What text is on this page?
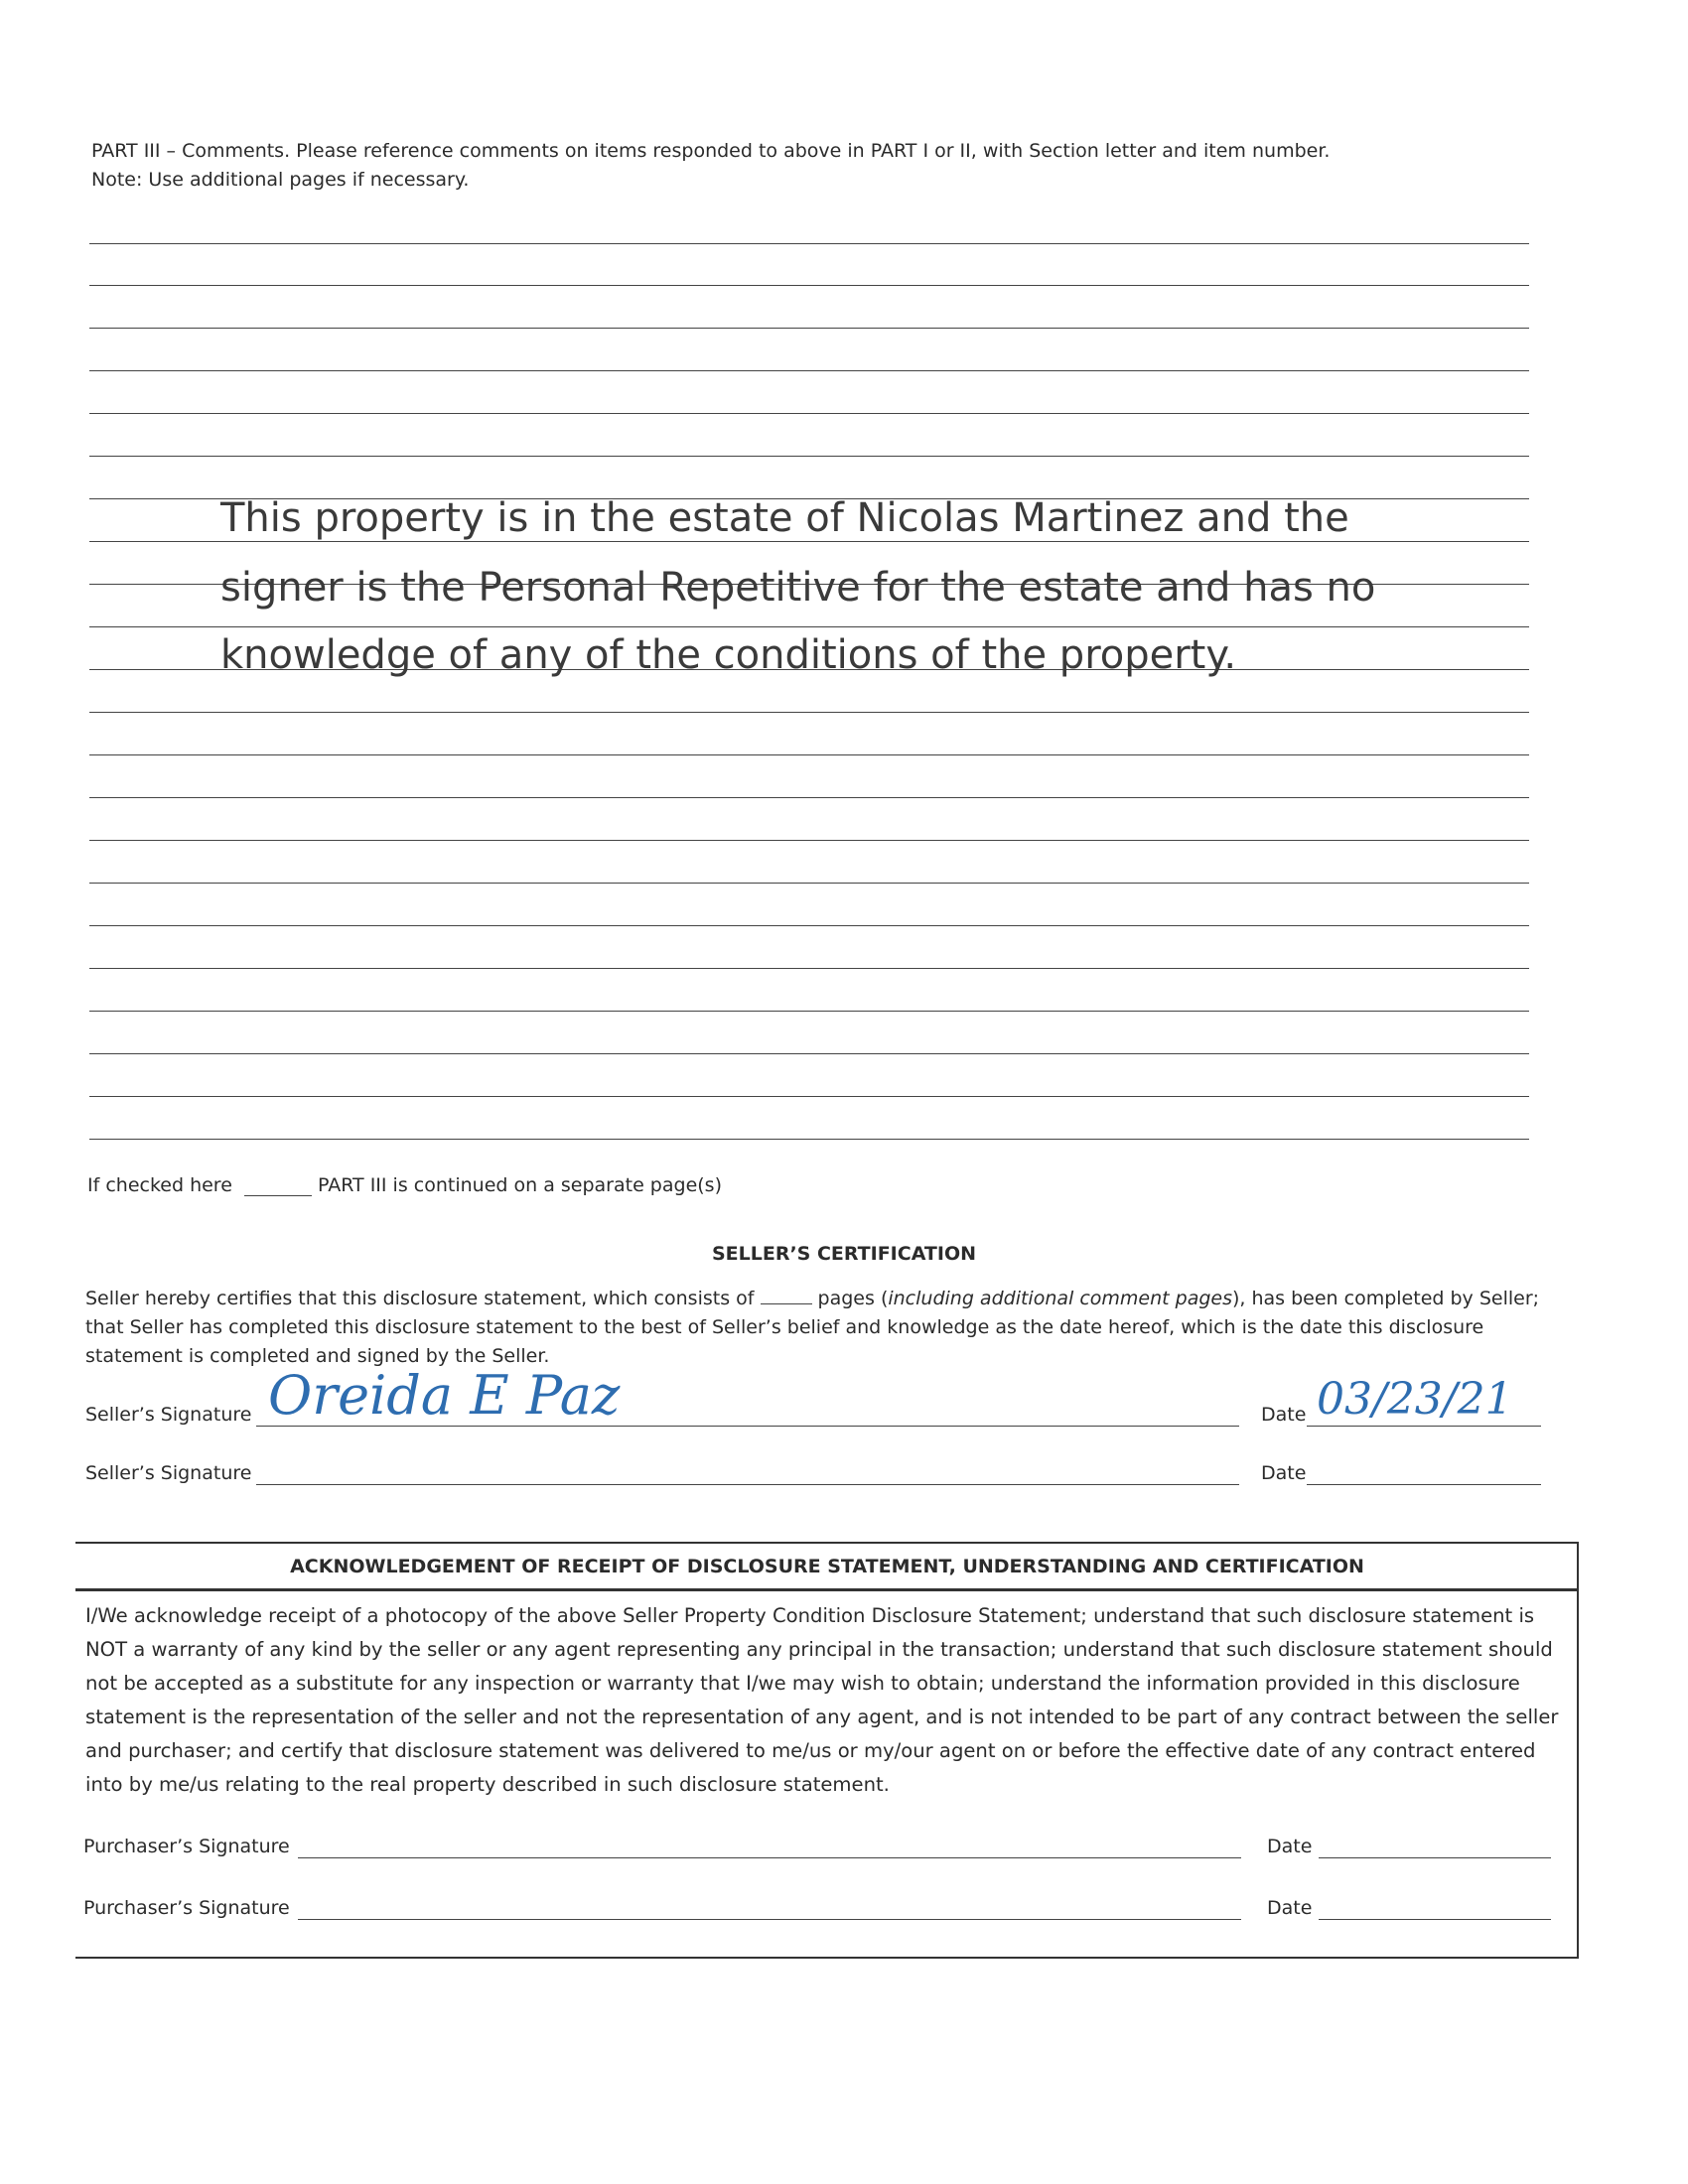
PART III – Comments. Please reference comments on items responded to above in PART I or II, with Section letter and item number.
Note: Use additional pages if necessary.
This property is in the estate of Nicolas Martinez and the
signer is the Personal Repetitive for the estate and has no
knowledge of any of the conditions of the property.
If checked here	PART III is continued on a separate page(s)
SELLER’S CERTIFICATION
Seller hereby certifies that this disclosure statement, which consists of	pages (including additional comment pages), has been completed by Seller;
that Seller has completed this disclosure statement to the best of Seller’s belief and knowledge as the date hereof, which is the date this disclosure
statement is completed and signed by the Seller.
Seller’s Signature Oreida E Paz	Date 03/23/21
Seller’s Signature	Date
ACKNOWLEDGEMENT OF RECEIPT OF DISCLOSURE STATEMENT, UNDERSTANDING AND CERTIFICATION
I/We acknowledge receipt of a photocopy of the above Seller Property Condition Disclosure Statement; understand that such disclosure statement is
NOT a warranty of any kind by the seller or any agent representing any principal in the transaction; understand that such disclosure statement should
not be accepted as a substitute for any inspection or warranty that I/we may wish to obtain; understand the information provided in this disclosure
statement is the representation of the seller and not the representation of any agent, and is not intended to be part of any contract between the seller
and purchaser; and certify that disclosure statement was delivered to me/us or my/our agent on or before the effective date of any contract entered
into by me/us relating to the real property described in such disclosure statement.
Purchaser’s Signature	Date
Purchaser’s Signature	Date
